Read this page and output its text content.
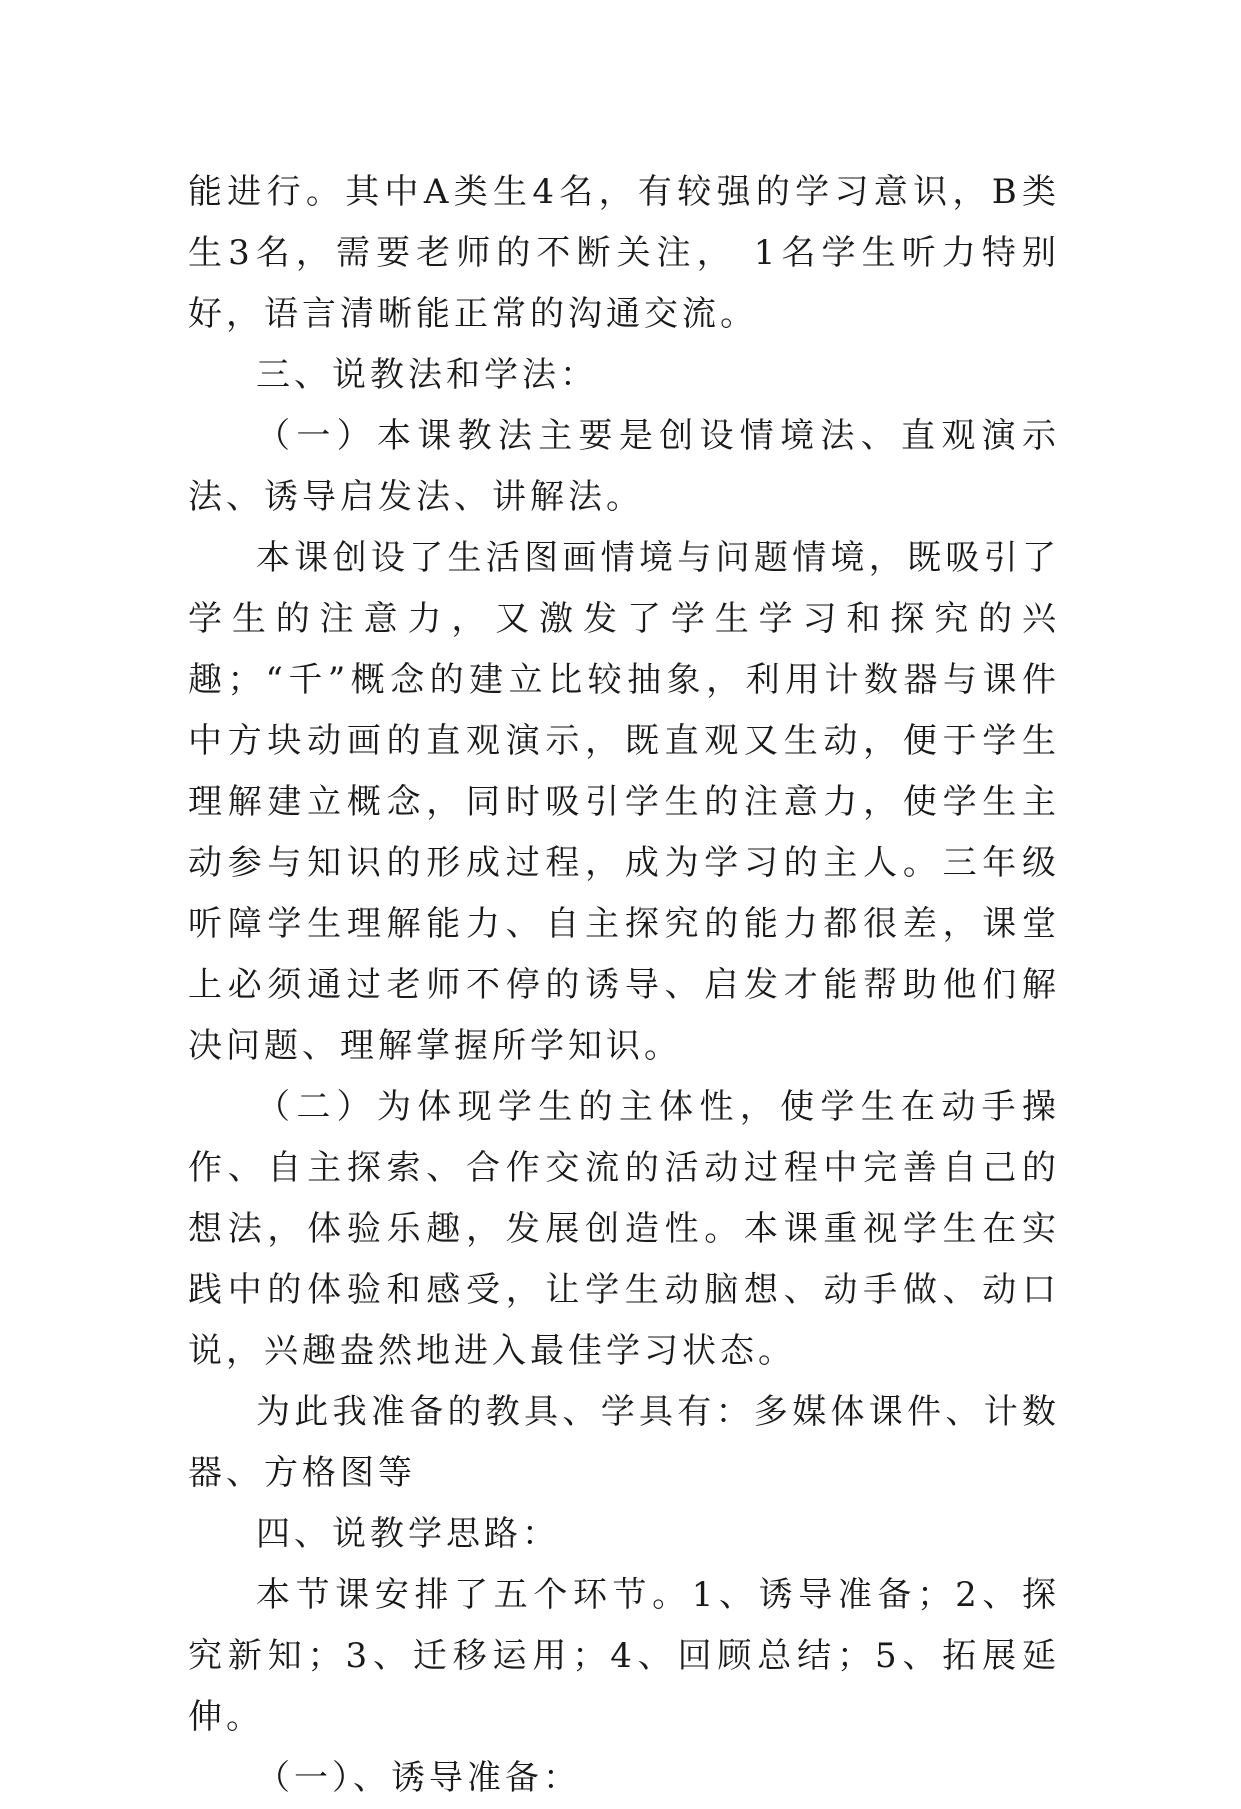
能进行。其中A类生4名，有较强的学习意识，B类生3名，需要老师的不断关注， 1名学生听力特别好，语言清晰能正常的沟通交流。

三、说教法和学法：

（一）本课教法主要是创设情境法、直观演示法、诱导启发法、讲解法。

本课创设了生活图画情境与问题情境，既吸引了学生的注意力，又激发了学生学习和探究的兴趣；“千”概念的建立比较抽象，利用计数器与课件中方块动画的直观演示，既直观又生动，便于学生理解建立概念，同时吸引学生的注意力，使学生主动参与知识的形成过程，成为学习的主人。三年级听障学生理解能力、自主探究的能力都很差，课堂上必须通过老师不停的诱导、启发才能帮助他们解决问题、理解掌握所学知识。

（二）为体现学生的主体性，使学生在动手操作、自主探索、合作交流的活动过程中完善自己的想法，体验乐趣，发展创造性。本课重视学生在实践中的体验和感受，让学生动脑想、动手做、动口说，兴趣盎然地进入最佳学习状态。

为此我准备的教具、学具有：多媒体课件、计数器、方格图等

四、说教学思路：

本节课安排了五个环节。1、诱导准备；2、探究新知；3、迁移运用；4、回顾总结；5、拓展延伸。

（一）、诱导准备：
